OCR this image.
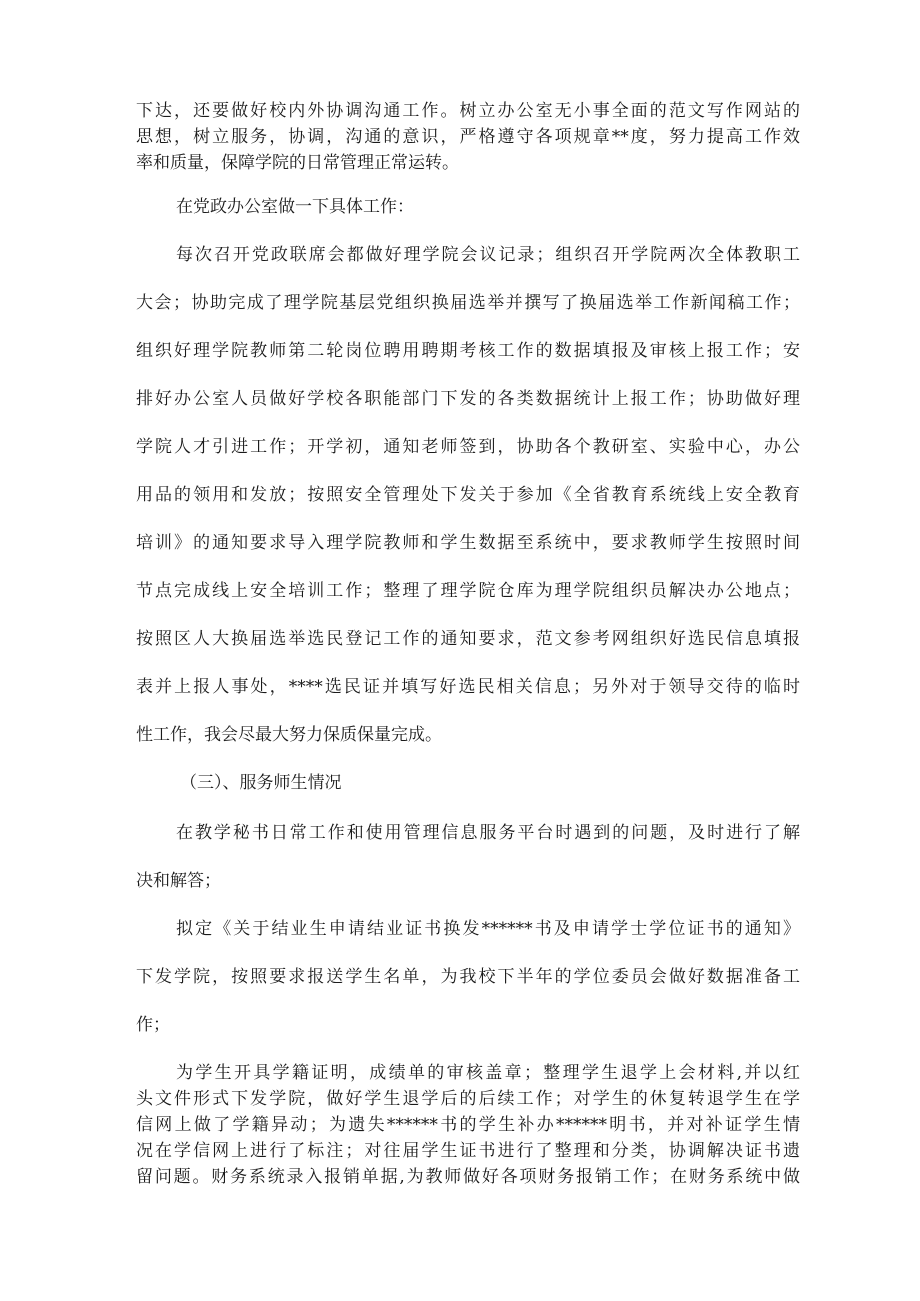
下达，还要做好校内外协调沟通工作。树立办公室无小事全面的范文写作网站的
思想，树立服务，协调，沟通的意识，严格遵守各项规章**度，努力提高工作效
率和质量，保障学院的日常管理正常运转。
在党政办公室做一下具体工作：
每次召开党政联席会都做好理学院会议记录；组织召开学院两次全体教职工
大会；协助完成了理学院基层党组织换届选举并撰写了换届选举工作新闻稿工作；
组织好理学院教师第二轮岗位聘用聘期考核工作的数据填报及审核上报工作；安
排好办公室人员做好学校各职能部门下发的各类数据统计上报工作；协助做好理
学院人才引进工作；开学初，通知老师签到，协助各个教研室、实验中心，办公
用品的领用和发放；按照安全管理处下发关于参加《全省教育系统线上安全教育
培训》的通知要求导入理学院教师和学生数据至系统中，要求教师学生按照时间
节点完成线上安全培训工作；整理了理学院仓库为理学院组织员解决办公地点；
按照区人大换届选举选民登记工作的通知要求，范文参考网组织好选民信息填报
表并上报人事处，****选民证并填写好选民相关信息；另外对于领导交待的临时
性工作，我会尽最大努力保质保量完成。
（三）、服务师生情况
在教学秘书日常工作和使用管理信息服务平台时遇到的问题，及时进行了解
决和解答；
拟定《关于结业生申请结业证书换发******书及申请学士学位证书的通知》
下发学院，按照要求报送学生名单，为我校下半年的学位委员会做好数据准备工
作；
为学生开具学籍证明，成绩单的审核盖章；整理学生退学上会材料,并以红
头文件形式下发学院，做好学生退学后的后续工作；对学生的休复转退学生在学
信网上做了学籍异动；为遗失******书的学生补办******明书，并对补证学生情
况在学信网上进行了标注；对往届学生证书进行了整理和分类，协调解决证书遗
留问题。财务系统录入报销单据,为教师做好各项财务报销工作；在财务系统中做
